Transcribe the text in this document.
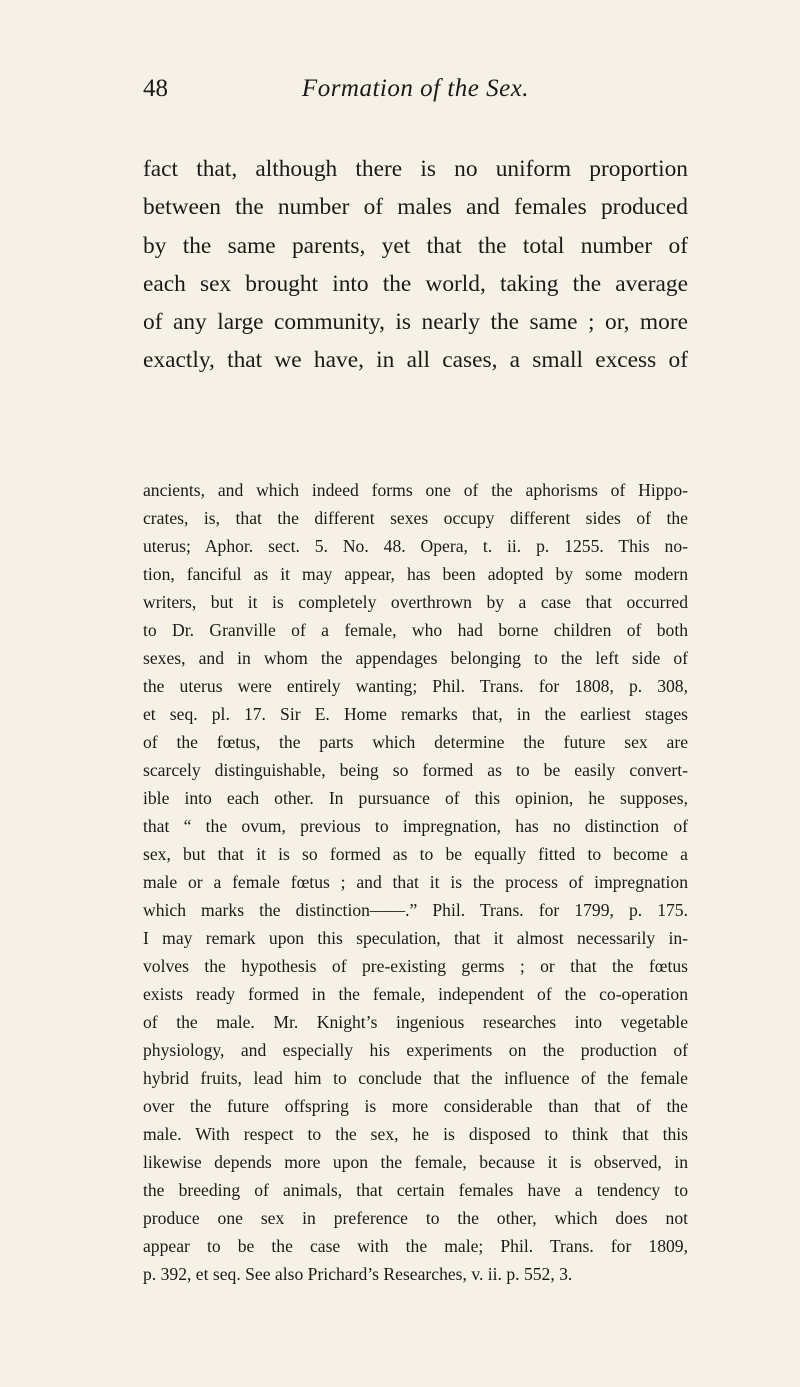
48	Formation of the Sex.
fact that, although there is no uniform proportion
between the number of males and females produced
by the same parents, yet that the total number of
each sex brought into the world, taking the average
of any large community, is nearly the same ; or, more
exactly, that we have, in all cases, a small excess of
ancients, and which indeed forms one of the aphorisms of Hippo-
crates, is, that the different sexes occupy different sides of the
uterus; Aphor. sect. 5. No. 48. Opera, t. ii. p. 1255. This no-
tion, fanciful as it may appear, has been adopted by some modern
writers, but it is completely overthrown by a case that occurred
to Dr. Granville of a female, who had borne children of both
sexes, and in whom the appendages belonging to the left side of
the uterus were entirely wanting; Phil. Trans. for 1808, p. 308,
et seq. pl. 17. Sir E. Home remarks that, in the earliest stages
of the fœtus, the parts which determine the future sex are
scarcely distinguishable, being so formed as to be easily convert-
ible into each other. In pursuance of this opinion, he supposes,
that “ the ovum, previous to impregnation, has no distinction of
sex, but that it is so formed as to be equally fitted to become a
male or a female fœtus ; and that it is the process of impregnation
which marks the distinction——.” Phil. Trans. for 1799, p. 175.
I may remark upon this speculation, that it almost necessarily in-
volves the hypothesis of pre-existing germs ; or that the fœtus
exists ready formed in the female, independent of the co-operation
of the male. Mr. Knight’s ingenious researches into vegetable
physiology, and especially his experiments on the production of
hybrid fruits, lead him to conclude that the influence of the female
over the future offspring is more considerable than that of the
male. With respect to the sex, he is disposed to think that this
likewise depends more upon the female, because it is observed, in
the breeding of animals, that certain females have a tendency to
produce one sex in preference to the other, which does not
appear to be the case with the male; Phil. Trans. for 1809,
p. 392, et seq. See also Prichard’s Researches, v. ii. p. 552, 3.
